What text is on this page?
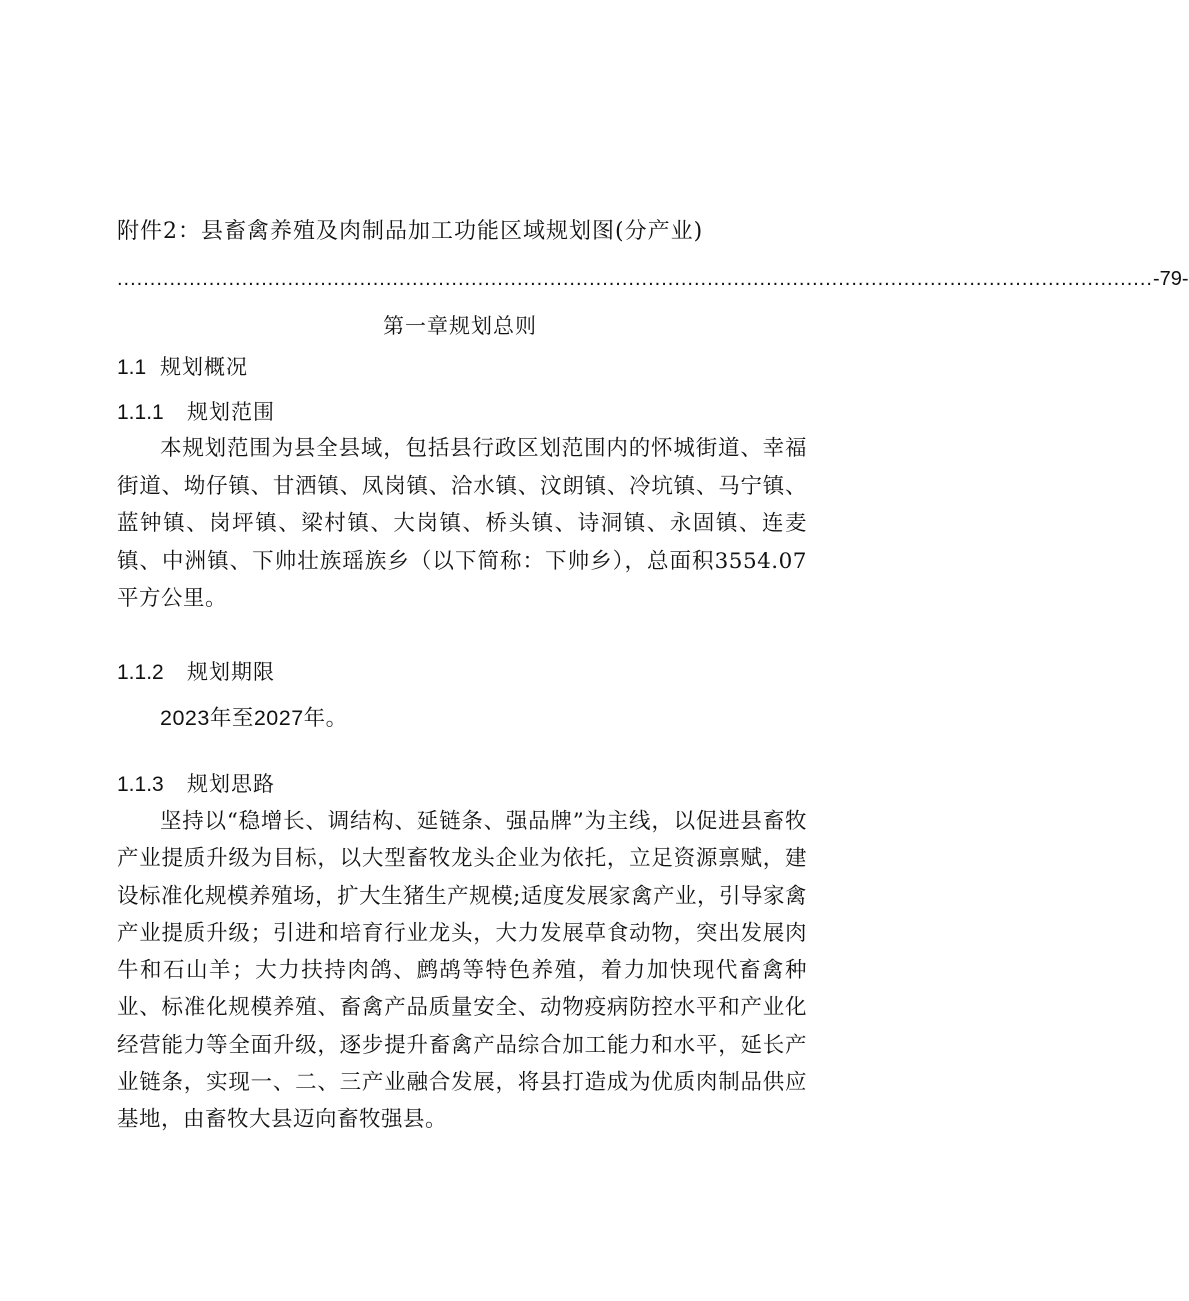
附件2：县畜禽养殖及肉制品加工功能区域规划图(分产业)
.............................................................................................................................................................. -79-
第一章规划总则
1.1 规划概况
1.1.1 规划范围

本规划范围为县全县域，包括县行政区划范围内的怀城街道、幸福街道、坳仔镇、甘洒镇、凤岗镇、洽水镇、汶朗镇、冷坑镇、马宁镇、蓝钟镇、岗坪镇、梁村镇、大岗镇、桥头镇、诗洞镇、永固镇、连麦镇、中洲镇、下帅壮族瑶族乡（以下简称：下帅乡），总面积3554.07平方公里。

1.1.2 规划期限

2023年至2027年。

1.1.3 规划思路

坚持以“稳增长、调结构、延链条、强品牌”为主线，以促进县畜牧产业提质升级为目标，以大型畜牧龙头企业为依托，立足资源禀赋，建设标准化规模养殖场，扩大生猪生产规模;适度发展家禽产业，引导家禽产业提质升级；引进和培育行业龙头，大力发展草食动物，突出发展肉牛和石山羊；大力扶持肉鸽、鹧鸪等特色养殖，着力加快现代畜禽种业、标准化规模养殖、畜禽产品质量安全、动物疫病防控水平和产业化经营能力等全面升级，逐步提升畜禽产品综合加工能力和水平，延长产业链条，实现一、二、三产业融合发展，将县打造成为优质肉制品供应基地，由畜牧大县迈向畜牧强县。
